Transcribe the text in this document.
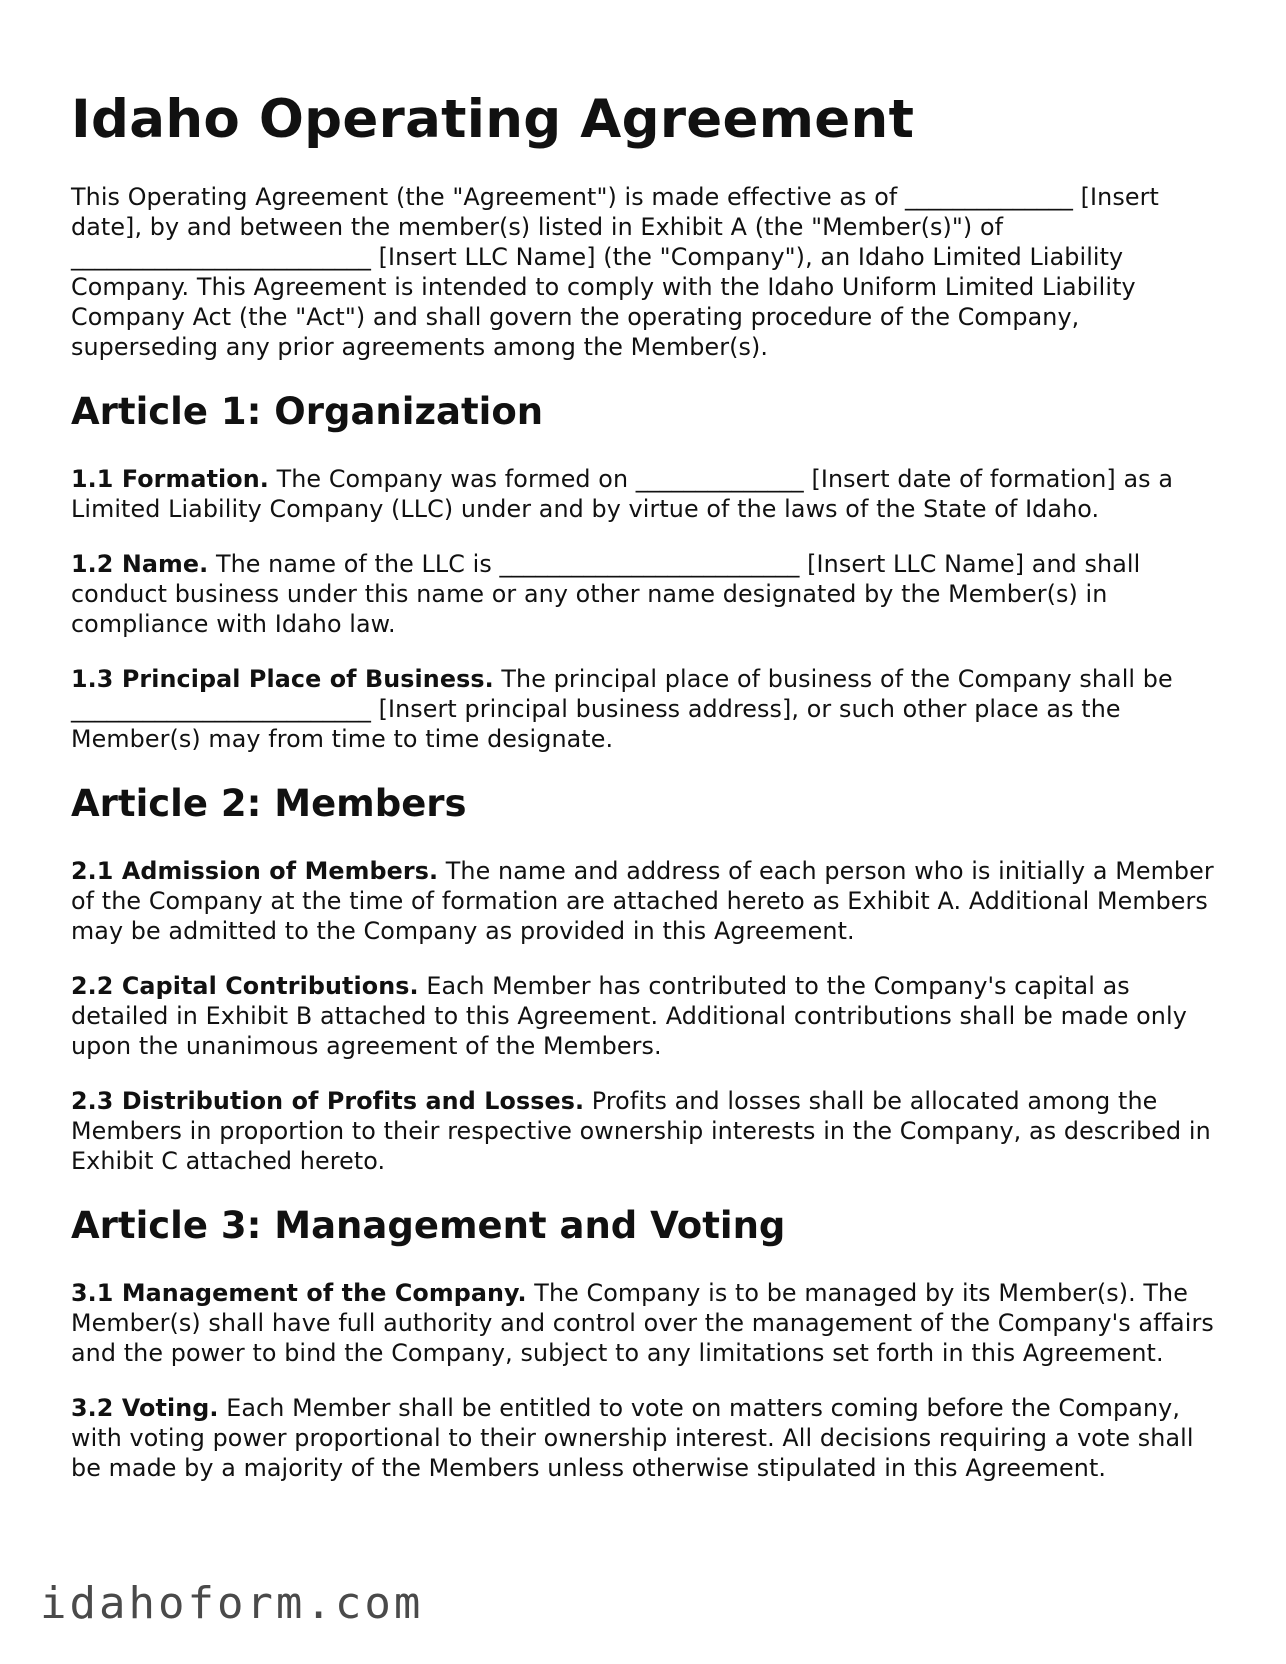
Idaho Operating Agreement

This Operating Agreement (the "Agreement") is made effective as of ______________ [Insert date], by and between the member(s) listed in Exhibit A (the "Member(s)") of _________________________ [Insert LLC Name] (the "Company"), an Idaho Limited Liability Company. This Agreement is intended to comply with the Idaho Uniform Limited Liability Company Act (the "Act") and shall govern the operating procedure of the Company, superseding any prior agreements among the Member(s).

Article 1: Organization

1.1 Formation. The Company was formed on ______________ [Insert date of formation] as a Limited Liability Company (LLC) under and by virtue of the laws of the State of Idaho.

1.2 Name. The name of the LLC is _________________________ [Insert LLC Name] and shall conduct business under this name or any other name designated by the Member(s) in compliance with Idaho law.

1.3 Principal Place of Business. The principal place of business of the Company shall be _________________________ [Insert principal business address], or such other place as the Member(s) may from time to time designate.

Article 2: Members

2.1 Admission of Members. The name and address of each person who is initially a Member of the Company at the time of formation are attached hereto as Exhibit A. Additional Members may be admitted to the Company as provided in this Agreement.

2.2 Capital Contributions. Each Member has contributed to the Company's capital as detailed in Exhibit B attached to this Agreement. Additional contributions shall be made only upon the unanimous agreement of the Members.

2.3 Distribution of Profits and Losses. Profits and losses shall be allocated among the Members in proportion to their respective ownership interests in the Company, as described in Exhibit C attached hereto.

Article 3: Management and Voting

3.1 Management of the Company. The Company is to be managed by its Member(s). The Member(s) shall have full authority and control over the management of the Company's affairs and the power to bind the Company, subject to any limitations set forth in this Agreement.

3.2 Voting. Each Member shall be entitled to vote on matters coming before the Company, with voting power proportional to their ownership interest. All decisions requiring a vote shall be made by a majority of the Members unless otherwise stipulated in this Agreement.

idahoform.com
